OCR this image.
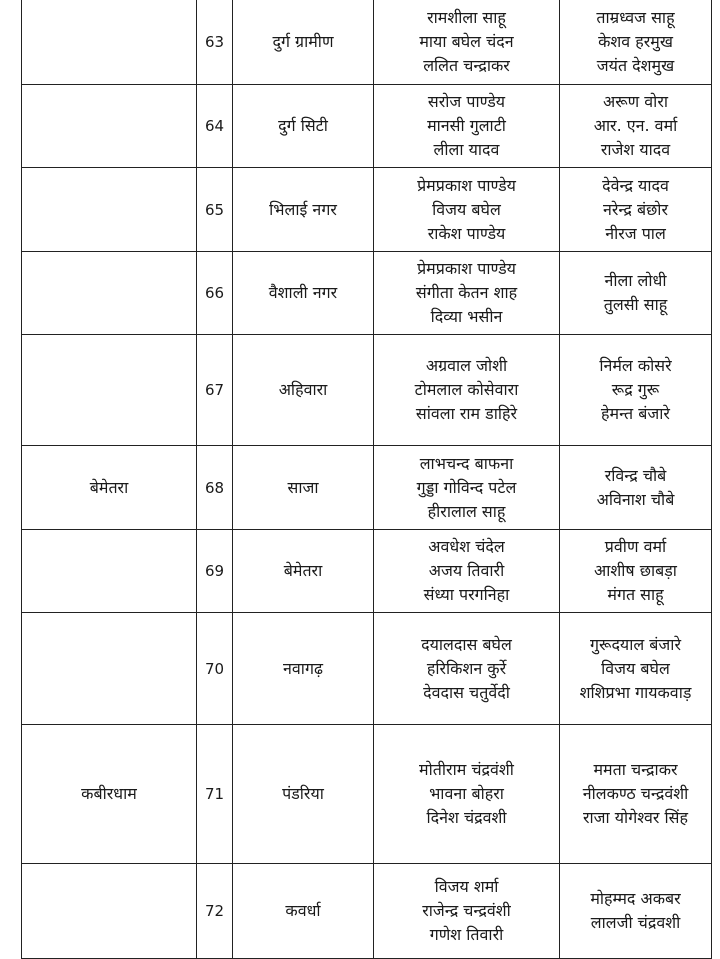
	63	दुर्ग ग्रामीण	रामशीला साहू
माया बघेल चंदन
ललित चन्द्राकर	ताम्रध्वज साहू
केशव हरमुख
जयंत देशमुख

	64	दुर्ग सिटी	सरोज पाण्डेय
मानसी गुलाटी
लीला यादव	अरूण वोरा
आर. एन. वर्मा
राजेश यादव

	65	भिलाई नगर	प्रेमप्रकाश पाण्डेय
विजय बघेल
राकेश पाण्डेय	देवेन्द्र यादव
नरेन्द्र बंछोर
नीरज पाल

	66	वैशाली नगर	प्रेमप्रकाश पाण्डेय
संगीता केतन शाह
दिव्या भसीन	नीला लोधी
तुलसी साहू

	67	अहिवारा	अग्रवाल जोशी
टोमलाल कोसेवारा
सांवला राम डाहिरे	निर्मल कोसरे
रूद्र गुरू
हेमन्त बंजारे

बेमेतरा	68	साजा	लाभचन्द बाफना
गुड्डा गोविन्द पटेल
हीरालाल साहू	रविन्द्र चौबे
अविनाश चौबे

	69	बेमेतरा	अवधेश चंदेल
अजय तिवारी
संध्या परगनिहा	प्रवीण वर्मा
आशीष छाबड़ा
मंगत साहू

	70	नवागढ़	दयालदास बघेल
हरिकिशन कुर्रे
देवदास चतुर्वेदी	गुरूदयाल बंजारे
विजय बघेल
शशिप्रभा गायकवाड़

कबीरधाम	71	पंडरिया	मोतीराम चंद्रवंशी
भावना बोहरा
दिनेश चंद्रवशी	ममता चन्द्राकर
नीलकण्ठ चन्द्रवंशी
राजा योगेश्वर सिंह

	72	कवर्धा	विजय शर्मा
राजेन्द्र चन्द्रवंशी
गणेश तिवारी	मोहम्मद अकबर
लालजी चंद्रवशी
